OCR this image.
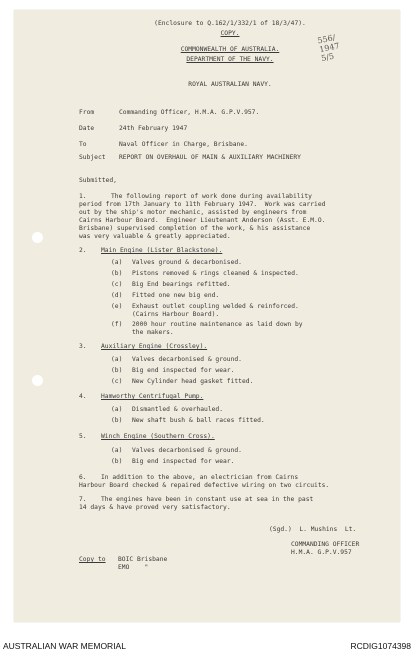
(Enclosure to Q.162/1/332/1 of 18/3/47).
COPY.
COMMONWEALTH OF AUSTRALIA.
DEPARTMENT OF THE NAVY.
ROYAL AUSTRALIAN NAVY.
556/
1947
5/5
From	Commanding Officer, H.M.A. G.P.V.957.
Date	24th February 1947
To	Naval Officer in Charge, Brisbane.
Subject REPORT ON OVERHAUL OF MAIN & AUXILIARY MACHINERY
Submitted,
1.	The following report of work done during availability
period from 17th January to 11th February 1947.  Work was carried
out by the ship's motor mechanic, assisted by engineers from
Cairns Harbour Board.  Engineer Lieutenant Anderson (Asst. E.M.O.
Brisbane) supervised completion of the work, & his assistance
was very valuable & greatly appreciated.
2. Main Engine (Lister Blackstone).
(a) Valves ground & decarbonised.
(b) Pistons removed & rings cleaned & inspected.
(c) Big End bearings refitted.
(d) Fitted one new big end.
(e) Exhaust outlet coupling welded & reinforced.
(Cairns Harbour Board).
(f) 2000 hour routine maintenance as laid down by
the makers.
3. Auxiliary Engine (Crossley).
(a) Valves decarbonised & ground.
(b) Big end inspected for wear.
(c) New Cylinder head gasket fitted.
4. Hamworthy Centrifugal Pump.
(a) Dismantled & overhauled.
(b) New shaft bush & ball races fitted.
5. Winch Engine (Southern Cross).
(a) Valves decarbonised & ground.
(b) Big end inspected for wear.
6. In addition to the above, an electrician from Cairns
Harbour Board checked & repaired defective wiring on two circuits.
7. The engines have been in constant use at sea in the past
14 days & have proved very satisfactory.
(Sgd.)  L. Mushins  Lt.
COMMANDING OFFICER
H.M.A. G.P.V.957
Copy to BOIC Brisbane
EMO    "
AUSTRALIAN WAR MEMORIAL	RCDIG1074398
